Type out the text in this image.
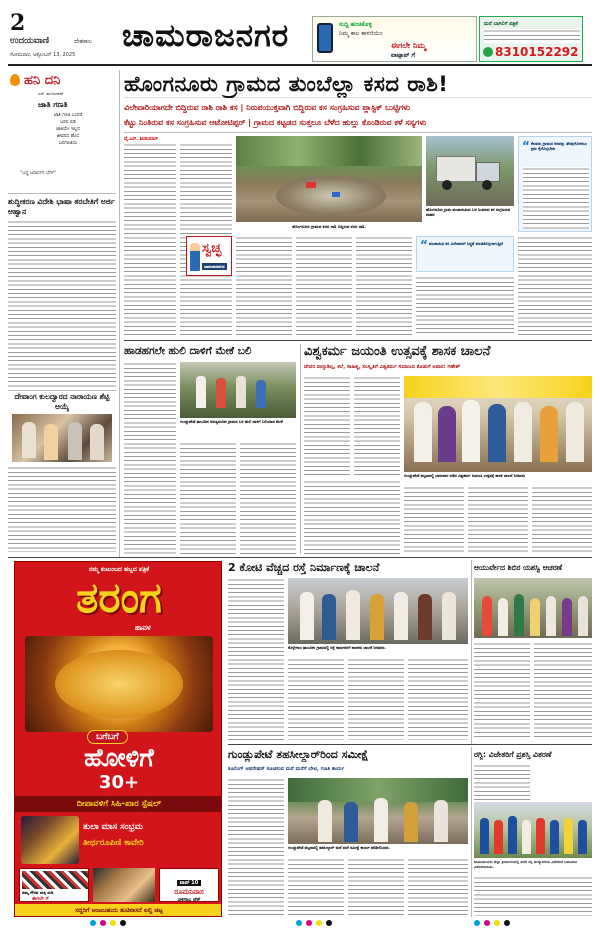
2
ಉದಯವಾಣಿ	ದೇಶಕಾಲ
ಸೋಮವಾರ, ಅಕ್ಟೋಬರ್ 13, 2025
ಚಾಮರಾಜನಗರ	ಸುದ್ದಿ ಹಂಚಿಕೊಳ್ಳಿ
ನಿಮ್ಮ ಕಾಲ ಕಾಳಜಿಯಿಂ
ಈಗಲೇ ನಿಮ್ಮ
ವಾಟ್ಸಾಪ್ ಗೆ
ಮನೆ ಬಾಗಿಲಿಗೆ ಪತ್ರಿಕೆ
8310152292
ಹನಿ ದನಿ
ಎಸ್. ಮಂಜುನಾಥ್
ಜಾತಿ ಗಣತಿ
ಜಾತಿ ಗಣತಿ ಬಂದರೆ
ಬರಲಿ ಬಿಡಿ
ಜಾತಿಯೇ ಇಲ್ಲದ
ಜೀವನದ ಹೊಸ
ಜನಗಣತಿಯ
"ಬದ್ಧ ಜನಾರ್ದನ ಬೆರ್ಗಿ"
ಶುದ್ಧೀಕರಣ ವಿದೇಶಿ ಭಾಷಾ ತರಬೇತಿಗೆ ಅರ್ಜಿ ಆಹ್ವಾನ
ದೇವಾಂಗ ಕುಲದ್ವಾರದ ನಾರಾಯಣ ಶೆಟ್ಟಿ ಆಯ್ಕೆ
ಹೊಂಗನೂರು ಗ್ರಾಮದ ತುಂಬೆಲ್ಲಾ ಕಸದ ರಾಶಿ!
ವಿಲೇವಾರಿಯಾಗದೇ ಬಿದ್ದಿರುವ ರಾಶಿ ರಾಶಿ ಕಸ | ನಿರುಪಯುಕ್ತವಾಗಿ ಬಿದ್ದಿರುವ ಕಸ ಸಂಗ್ರಹಿಸುವ ಪ್ಲಾಸ್ಟಿಕ್ ಬುಟ್ಟಿಗಳು
ಕೆಟ್ಟು ನಿಂತಿರುವ ಕಸ ಸಂಗ್ರಹಿಸುವ ಆಟೋಟಿಪ್ಪರ್ | ಗ್ರಾಮದ ಕಟ್ಟಡದ ಸುತ್ತಲೂ ಬೆಳೆದ ಹುಲ್ಲು ಕೊಂಡಿರುವ ಕಳೆ ಸಸ್ಯಗಳು
ವೈ.ಎಸ್. ಶಿವಕುಮಾರ್
ಹೊಂಗನೂರು ಗ್ರಾಮದ ಕಸದ ರಾಶಿ ಬಿದ್ದಿರುವ ಕಸದ ರಾಶಿ.
ಹೊಂಗನೂರು ಗ್ರಾಮ ಪಂಚಾಯಿತಿಯ ಬಳಿ ನಿಂತಿರುವ ಕಸ ಸಂಗ್ರಹಿಸುವ ವಾಹನ
“ ಕೆಲವರು ಗ್ರಾಮದ ಕಸವನ್ನು ತೆರವುಗೊಳಿಸಲು ಕ್ರಮ ಕೈಗೊಳ್ಳಬೇಕು
ಸ್ವಚ್ಛ
ಚಾಮರಾಜನಗರ
“ ಪಂಚಾಯಿತಿ ಕಸ ವಿಲೇವಾರಿಗೆ ಸಿದ್ಧತೆ ಮಾಡಿಕೊಳ್ಳಲಾಗುತ್ತಿದೆ
ಹಾಡಹಗಲೇ ಹುಲಿ ದಾಳಿಗೆ ಮೇಕೆ ಬಲಿ
ಗುಂಡ್ಲುಪೇಟೆ ತಾಲೂಕಿನ ಅರಣ್ಯದಂಚಿನ ಗ್ರಾಮದ ಬಳಿ ಹುಲಿ ದಾಳಿಗೆ ಬಲಿಯಾದ ಮೇಕೆ
ವಿಶ್ವಕರ್ಮ ಜಯಂತಿ ಉತ್ಸವಕ್ಕೆ ಶಾಸಕ ಚಾಲನೆ
ದೇವರ ವಾಸ್ತುಶಿಲ್ಪ, ಕಲೆ, ಸಾಹಿತ್ಯ, ಸಂಸ್ಕೃತಿಗೆ ವಿಶ್ವಕರ್ಮ ಸಮಾಜದ ಕೊಡುಗೆ ಅಪಾರ: ಗಣೇಶ್
ಗುಂಡ್ಲುಪೇಟೆ ಪಟ್ಟಣದಲ್ಲಿ ಭಾನುವಾರ ನಡೆದ ವಿಶ್ವಕರ್ಮ ಜಯಂತಿ ಉತ್ಸವಕ್ಕೆ ಶಾಸಕ ಚಾಲನೆ ನೀಡಿದರು
ನಮ್ಮ ಕುಟುಂಬದ ಹಬ್ಬದ ಪತ್ರಿಕೆ
ತರಂಗ
ಹಾವಳ
ಬಗೆಬಗೆ
ಹೋಳಿಗೆ
30+
ದೀಪಾವಳಿಗೆ ಸಿಹಿ-ಖಾರ ಸ್ಪೆಷಲ್
ತುಲಾ ಮಾಸ ಸಂಭ್ರಮ
ತೀರ್ಥರೂಪಿಣಿ ಕಾವೇರಿ
ನಮ್ಮ ಗೌರವ ಚುಕ್ಕಿ ನುಡಿ
ಈಗಲೇ ಗೆ
ಟಾಪ್ 10
ರೂಮನಿವಾಸ
ಚಳಿಗಾಲ ಟೆಕ್
ಸದ್ದರಿಗೆ ಅಂಟಬಹುದು ತುಟಿವಾಸನೆ ಐಲ್ದಿ ಚಟ್ಟ
2 ಕೋಟಿ ವೆಚ್ಚದ ರಸ್ತೆ ನಿರ್ಮಾಣಕ್ಕೆ ಚಾಲನೆ
ಕೊಳ್ಳೇಗಾಲ ತಾಲೂಕಿನ ಗ್ರಾಮದಲ್ಲಿ ರಸ್ತೆ ಕಾಮಗಾರಿಗೆ ಶಾಸಕರು ಚಾಲನೆ ನೀಡಿದರು.
ಆಯುರ್ವೇದ ಶಿಬಿರ ಯಶಸ್ವಿ ಆಚರಣೆ
ಗುಂಡ್ಲುಪೇಟೆ ತಹಸೀಲ್ದಾರ್‌ರಿಂದ ಸಮೀಕ್ಷೆ
ಕೂಲಿಂಗ್ ಆಪರೇಷನ್ ಸೂಚಿಸುವ ಮನೆ ಮನೆಗೆ ಭೇಟಿ, ಗಣತಿ ಕಾರ್ಯ
ಗುಂಡ್ಲುಪೇಟೆ ಪಟ್ಟಣದಲ್ಲಿ ತಹಸೀಲ್ದಾರ್ ಮನೆ ಮನೆ ಸಮೀಕ್ಷೆ ಕಾರ್ಯ ಪರಿಶೀಲಿಸಿದರು.
ರಗ್ಬಿ: ವಿಜೇತರಿಗೆ ಪ್ರಶಸ್ತಿ ವಿತರಣೆ
ಚಾಮರಾಜನಗರ ಜಿಲ್ಲಾ ಕ್ರೀಡಾಂಗಣದಲ್ಲಿ ನಡೆದ ರಗ್ಬಿ ಪಂದ್ಯಾವಳಿಯ ವಿಜೇತರಿಗೆ ಬಹುಮಾನ ವಿತರಿಸಲಾಯಿತು.
